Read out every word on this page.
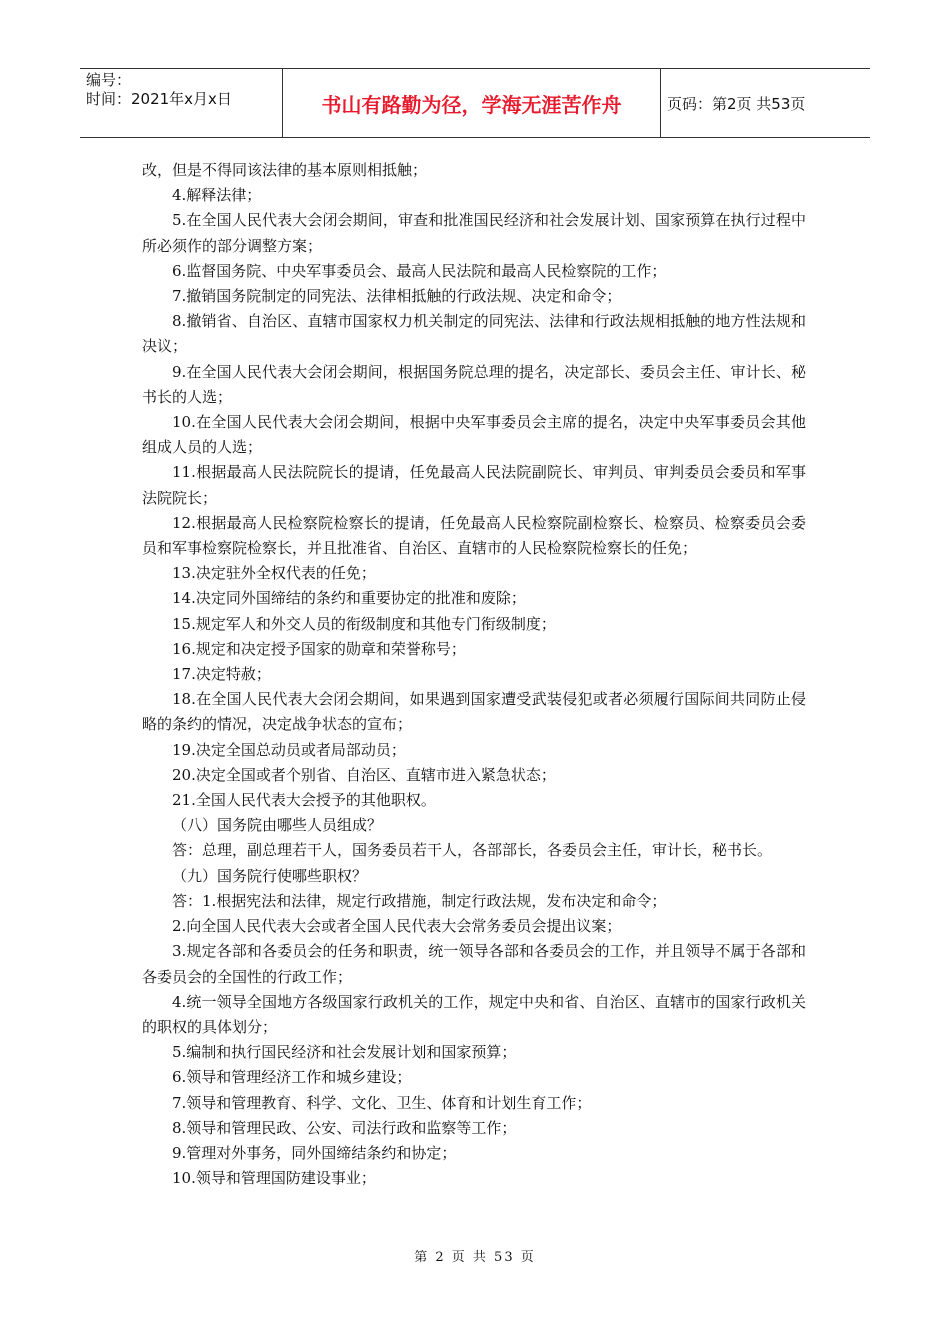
编号：
时间：2021年x月x日	书山有路勤为径，学海无涯苦作舟	页码：第2页 共53页

改，但是不得同该法律的基本原则相抵触；

4.解释法律；

5.在全国人民代表大会闭会期间，审查和批准国民经济和社会发展计划、国家预算在执行过程中所必须作的部分调整方案；

6.监督国务院、中央军事委员会、最高人民法院和最高人民检察院的工作；

7.撤销国务院制定的同宪法、法律相抵触的行政法规、决定和命令；

8.撤销省、自治区、直辖市国家权力机关制定的同宪法、法律和行政法规相抵触的地方性法规和决议；

9.在全国人民代表大会闭会期间，根据国务院总理的提名，决定部长、委员会主任、审计长、秘书长的人选；

10.在全国人民代表大会闭会期间，根据中央军事委员会主席的提名，决定中央军事委员会其他组成人员的人选；

11.根据最高人民法院院长的提请，任免最高人民法院副院长、审判员、审判委员会委员和军事法院院长；

12.根据最高人民检察院检察长的提请，任免最高人民检察院副检察长、检察员、检察委员会委员和军事检察院检察长，并且批准省、自治区、直辖市的人民检察院检察长的任免；

13.决定驻外全权代表的任免；

14.决定同外国缔结的条约和重要协定的批准和废除；

15.规定军人和外交人员的衔级制度和其他专门衔级制度；

16.规定和决定授予国家的勋章和荣誉称号；

17.决定特赦；

18.在全国人民代表大会闭会期间，如果遇到国家遭受武装侵犯或者必须履行国际间共同防止侵略的条约的情况，决定战争状态的宣布；

19.决定全国总动员或者局部动员；

20.决定全国或者个别省、自治区、直辖市进入紧急状态；

21.全国人民代表大会授予的其他职权。

（八）国务院由哪些人员组成？

答：总理，副总理若干人，国务委员若干人，各部部长，各委员会主任，审计长，秘书长。

（九）国务院行使哪些职权？

答：1.根据宪法和法律，规定行政措施，制定行政法规，发布决定和命令；

2.向全国人民代表大会或者全国人民代表大会常务委员会提出议案；

3.规定各部和各委员会的任务和职责，统一领导各部和各委员会的工作，并且领导不属于各部和各委员会的全国性的行政工作；

4.统一领导全国地方各级国家行政机关的工作，规定中央和省、自治区、直辖市的国家行政机关的职权的具体划分；

5.编制和执行国民经济和社会发展计划和国家预算；

6.领导和管理经济工作和城乡建设；

7.领导和管理教育、科学、文化、卫生、体育和计划生育工作；

8.领导和管理民政、公安、司法行政和监察等工作；

9.管理对外事务，同外国缔结条约和协定；

10.领导和管理国防建设事业；

第 2 页 共 53 页
